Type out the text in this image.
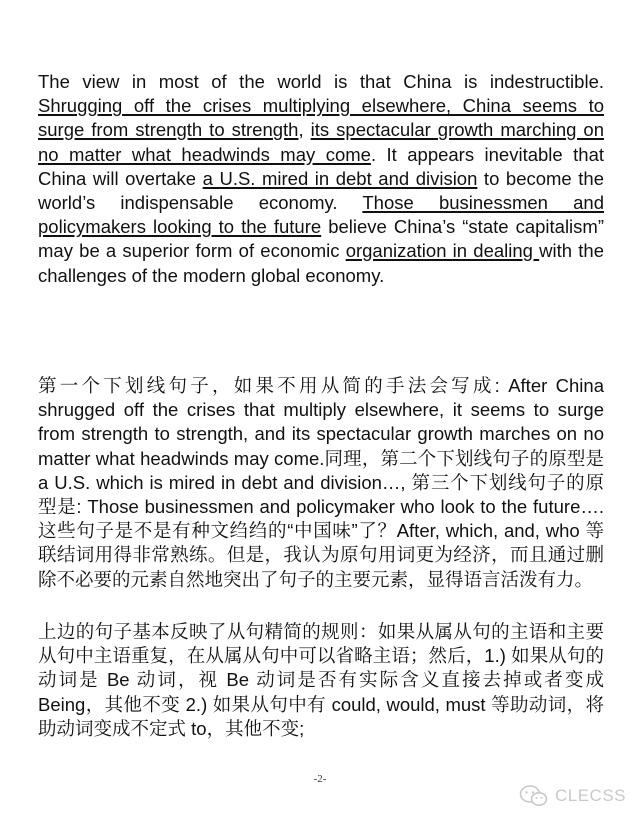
The view in most of the world is that China is indestructible. Shrugging off the crises multiplying elsewhere, China seems to surge from strength to strength, its spectacular growth marching on no matter what headwinds may come. It appears inevitable that China will overtake a U.S. mired in debt and division to become the world’s indispensable economy. Those businessmen and policymakers looking to the future believe China’s “state capitalism” may be a superior form of economic organization in dealing with the challenges of the modern global economy.

第一个下划线句子，如果不用从简的手法会写成: After China shrugged off the crises that multiply elsewhere, it seems to surge from strength to strength, and its spectacular growth marches on no matter what headwinds may come.同理，第二个下划线句子的原型是 a U.S. which is mired in debt and division…, 第三个下划线句子的原型是: Those businessmen and policymaker who look to the future…. 这些句子是不是有种文绉绉的“中国味”了？After, which, and, who 等联结词用得非常熟练。但是，我认为原句用词更为经济，而且通过删除不必要的元素自然地突出了句子的主要元素，显得语言活泼有力。

上边的句子基本反映了从句精简的规则：如果从属从句的主语和主要从句中主语重复，在从属从句中可以省略主语；然后，1.) 如果从句的动词是 Be 动词，视 Be 动词是否有实际含义直接去掉或者变成 Being，其他不变 2.) 如果从句中有 could, would, must 等助动词，将助动词变成不定式 to，其他不变;

-2-
CLECSS
